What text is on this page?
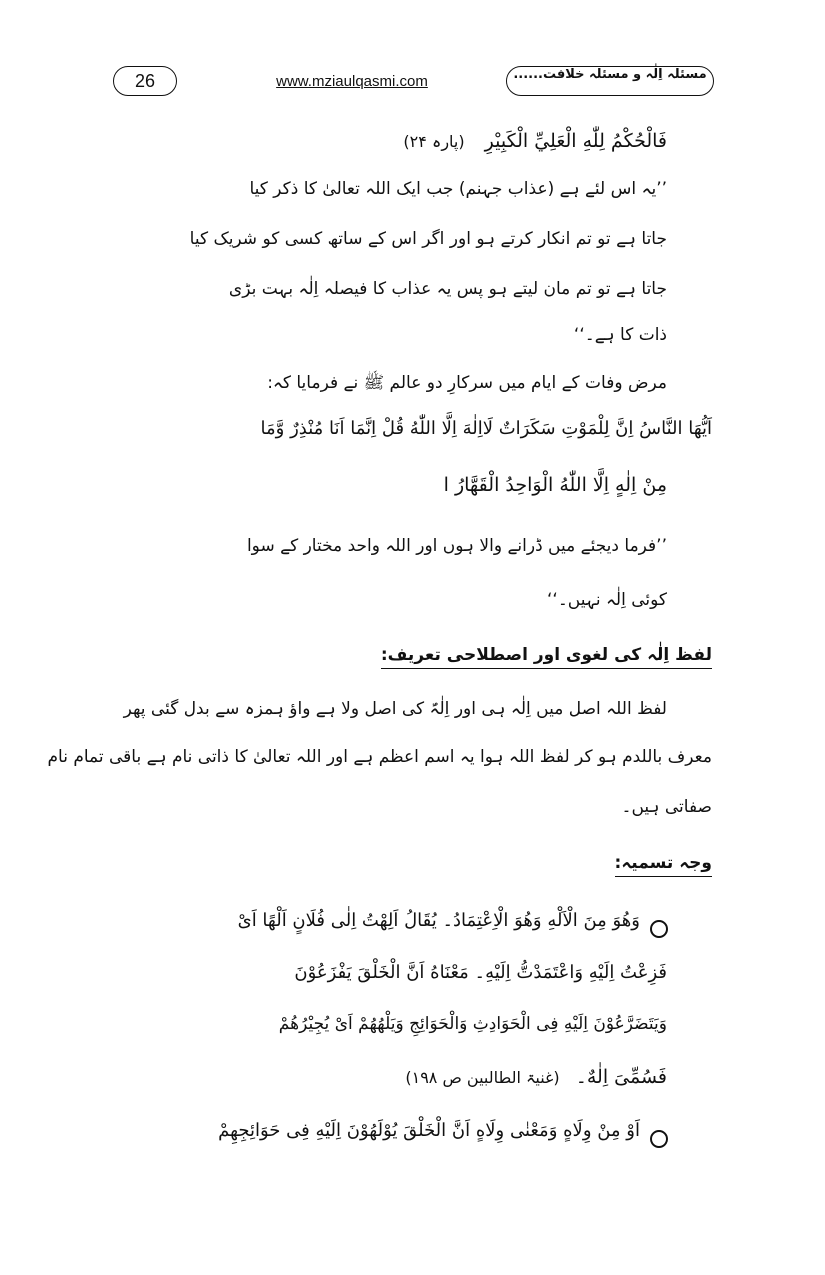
26	www.mziaulqasmi.com	مسئلہ اِلٰہ و مسئلہ خلافت......
فَالْحُكْمُ لِلّٰهِ الْعَلِيِّ الْكَبِيْرِ (پارہ ۲۴)
’’یہ اس لئے ہے (عذاب جہنم) جب ایک اللہ تعالیٰ کا ذکر کیا
جاتا ہے تو تم انکار کرتے ہو اور اگر اس کے ساتھ کسی کو شریک کیا
جاتا ہے تو تم مان لیتے ہو پس یہ عذاب کا فیصلہ اِلٰہ بہت بڑی
ذات کا ہے۔‘‘
مرض وفات کے ایام میں سرکارِ دو عالم ﷺ نے فرمایا کہ:
اَيُّهَا النَّاسُ اِنَّ لِلْمَوْتِ سَكَرَاتٌ لَااِلٰهَ اِلَّا اللّٰهُ قُلْ اِنَّمَا اَنَا مُنْذِرٌ وَّمَا
مِنْ اِلٰهٍ اِلَّا اللّٰهُ الْوَاحِدُ الْقَهَّارُ ا
’’فرما دیجئے میں ڈرانے والا ہوں اور اللہ واحد مختار کے سوا
کوئی اِلٰہ نہیں۔‘‘
لفظ اِلٰہ کی لغوی اور اصطلاحی تعریف:
لفظ اللہ اصل میں اِلٰہ ہی اور اِلٰہٌ کی اصل ولا ہے واؤ ہمزہ سے بدل گئی پھر
معرف باللدم ہو کر لفظ اللہ ہوا یہ اسم اعظم ہے اور اللہ تعالیٰ کا ذاتی نام ہے باقی تمام نام
صفاتی ہیں۔
وجہ تسمیہ:
وَهُوَ مِنَ الْاَلْهِ وَهُوَ الْاِعْتِمَادُ۔ يُقَالُ اَلِهْتُ اِلٰى فُلَانٍ اَلْهًا اَىْ
فَزِعْتُ اِلَيْهِ وَاعْتَمَدْتُّ اِلَيْهِ۔ مَعْنَاهُ اَنَّ الْخَلْقَ يَفْزَعُوْنَ
وَيَتَضَرَّعُوْنَ اِلَيْهِ فِى الْحَوَادِثِ وَالْحَوَائِجِ وَيَلْهُهُمْ اَىْ يُجِيْرُهُمْ
فَسُمِّىَ اِلٰهٌ۔ (غنیۃ الطالبین ص ۱۹۸)
اَوْ مِنْ وِلَاهٍ وَمَعْنٰى وِلَاهٍ اَنَّ الْخَلْقَ يُوْلَهُوْنَ اِلَيْهِ فِى حَوَائِجِهِمْ
